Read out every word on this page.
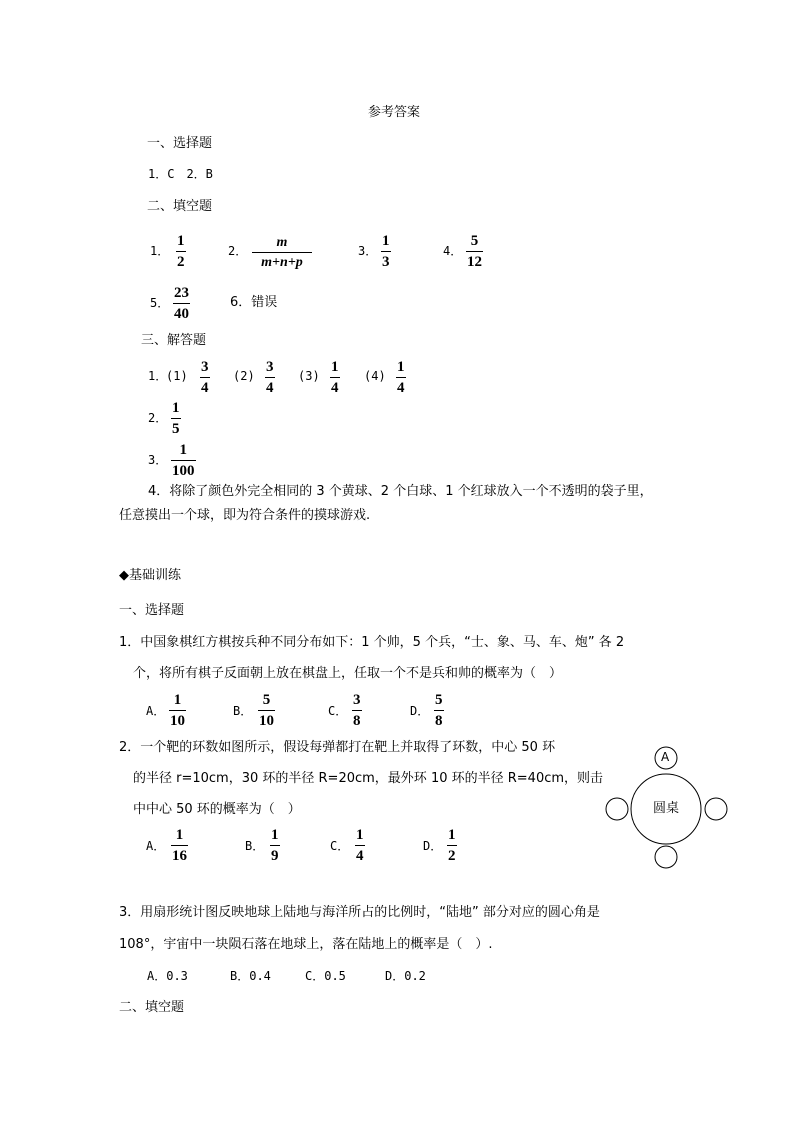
参考答案
一、选择题
1．C　2．B
二、填空题
1．
1
2
2．
m
m+n+p
3．
1
3
4．
5
12
5．
23
40
6．错误
三、解答题
1．
(1)
3
4
(2)
3
4
(3)
1
4
(4)
1
4
2．
1
5
3．
1
100
4．将除了颜色外完全相同的 3 个黄球、2 个白球、1 个红球放入一个不透明的袋子里，
任意摸出一个球，即为符合条件的摸球游戏.
◆基础训练
一、选择题
1．中国象棋红方棋按兵种不同分布如下：1 个帅，5 个兵，“士、象、马、车、炮” 各 2
个，将所有棋子反面朝上放在棋盘上，任取一个不是兵和帅的概率为（　）
A．
1
10
B．
5
10
C．
3
8
D．
5
8
2．一个靶的环数如图所示，假设每弹都打在靶上并取得了环数，中心 50 环
的半径 r=10cm，30 环的半径 R=20cm，最外环 10 环的半径 R=40cm，则击
中中心 50 环的概率为（　）
A．
1
16
B．
1
9
C．
1
4
D．
1
2
A
圆桌
3．用扇形统计图反映地球上陆地与海洋所占的比例时，“陆地” 部分对应的圆心角是
108°，宇宙中一块陨石落在地球上，落在陆地上的概率是（　）.
A．0.3	B．0.4	C．0.5	D．0.2
二、填空题
